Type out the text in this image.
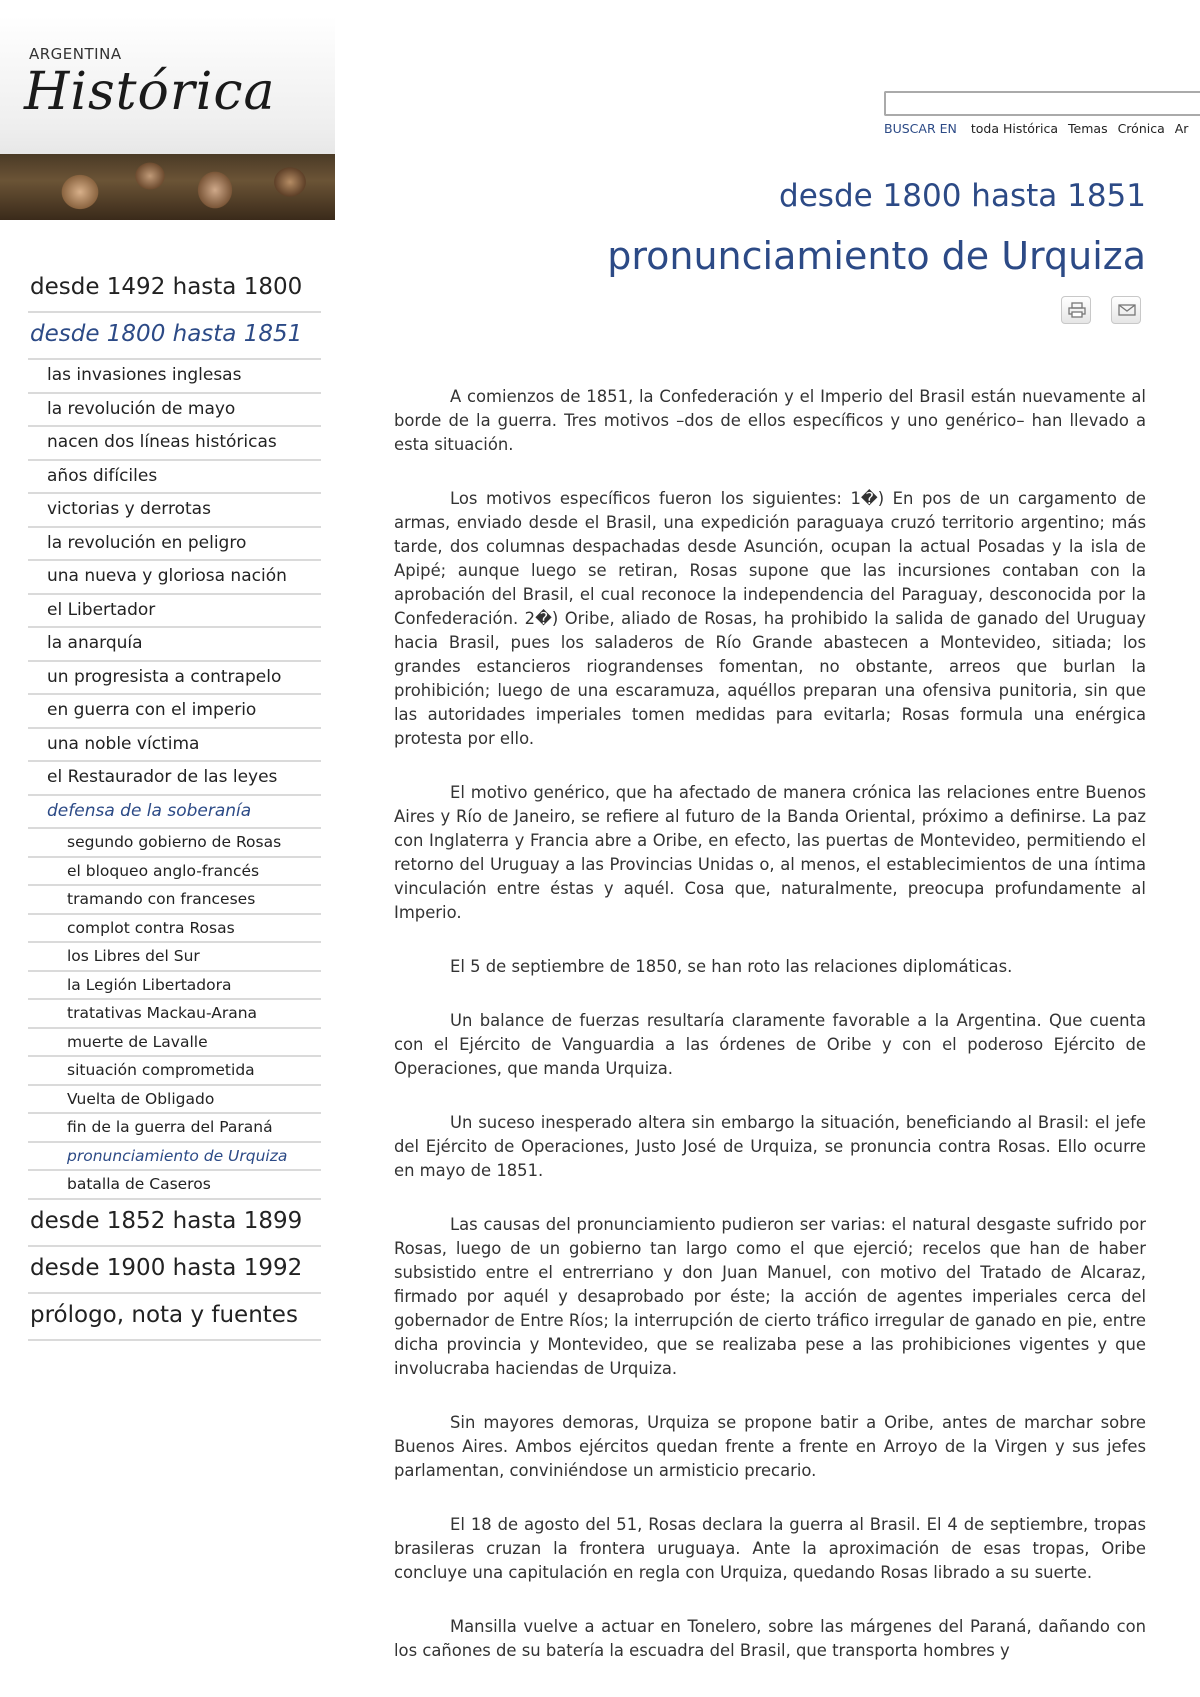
ARGENTINA
Histórica
BUSCAR EN toda Histórica Temas Crónica Ar
desde 1800 hasta 1851
pronunciamiento de Urquiza
desde 1492 hasta 1800
desde 1800 hasta 1851
las invasiones inglesas
la revolución de mayo
nacen dos líneas históricas
años difíciles
victorias y derrotas
la revolución en peligro
una nueva y gloriosa nación
el Libertador
la anarquía
un progresista a contrapelo
en guerra con el imperio
una noble víctima
el Restaurador de las leyes
defensa de la soberanía
segundo gobierno de Rosas
el bloqueo anglo-francés
tramando con franceses
complot contra Rosas
los Libres del Sur
la Legión Libertadora
tratativas Mackau-Arana
muerte de Lavalle
situación comprometida
Vuelta de Obligado
fin de la guerra del Paraná
pronunciamiento de Urquiza
batalla de Caseros
desde 1852 hasta 1899
desde 1900 hasta 1992
prólogo, nota y fuentes

A comienzos de 1851, la Confederación y el Imperio del Brasil están nuevamente al borde de la guerra. Tres motivos –dos de ellos específicos y uno genérico– han llevado a esta situación.

Los motivos específicos fueron los siguientes: 1�) En pos de un cargamento de armas, enviado desde el Brasil, una expedición paraguaya cruzó territorio argentino; más tarde, dos columnas despachadas desde Asunción, ocupan la actual Posadas y la isla de Apipé; aunque luego se retiran, Rosas supone que las incursiones contaban con la aprobación del Brasil, el cual reconoce la independencia del Paraguay, desconocida por la Confederación. 2�) Oribe, aliado de Rosas, ha prohibido la salida de ganado del Uruguay hacia Brasil, pues los saladeros de Río Grande abastecen a Montevideo, sitiada; los grandes estancieros riograndenses fomentan, no obstante, arreos que burlan la prohibición; luego de una escaramuza, aquéllos preparan una ofensiva punitoria, sin que las autoridades imperiales tomen medidas para evitarla; Rosas formula una enérgica protesta por ello.

El motivo genérico, que ha afectado de manera crónica las relaciones entre Buenos Aires y Río de Janeiro, se refiere al futuro de la Banda Oriental, próximo a definirse. La paz con Inglaterra y Francia abre a Oribe, en efecto, las puertas de Montevideo, permitiendo el retorno del Uruguay a las Provincias Unidas o, al menos, el establecimientos de una íntima vinculación entre éstas y aquél. Cosa que, naturalmente, preocupa profundamente al Imperio.

El 5 de septiembre de 1850, se han roto las relaciones diplomáticas.

Un balance de fuerzas resultaría claramente favorable a la Argentina. Que cuenta con el Ejército de Vanguardia a las órdenes de Oribe y con el poderoso Ejército de Operaciones, que manda Urquiza.

Un suceso inesperado altera sin embargo la situación, beneficiando al Brasil: el jefe del Ejército de Operaciones, Justo José de Urquiza, se pronuncia contra Rosas. Ello ocurre en mayo de 1851.

Las causas del pronunciamiento pudieron ser varias: el natural desgaste sufrido por Rosas, luego de un gobierno tan largo como el que ejerció; recelos que han de haber subsistido entre el entrerriano y don Juan Manuel, con motivo del Tratado de Alcaraz, firmado por aquél y desaprobado por éste; la acción de agentes imperiales cerca del gobernador de Entre Ríos; la interrupción de cierto tráfico irregular de ganado en pie, entre dicha provincia y Montevideo, que se realizaba pese a las prohibiciones vigentes y que involucraba haciendas de Urquiza.

Sin mayores demoras, Urquiza se propone batir a Oribe, antes de marchar sobre Buenos Aires. Ambos ejércitos quedan frente a frente en Arroyo de la Virgen y sus jefes parlamentan, conviniéndose un armisticio precario.

El 18 de agosto del 51, Rosas declara la guerra al Brasil. El 4 de septiembre, tropas brasileras cruzan la frontera uruguaya. Ante la aproximación de esas tropas, Oribe concluye una capitulación en regla con Urquiza, quedando Rosas librado a su suerte.

Mansilla vuelve a actuar en Tonelero, sobre las márgenes del Paraná, dañando con los cañones de su batería la escuadra del Brasil, que transporta hombres y
